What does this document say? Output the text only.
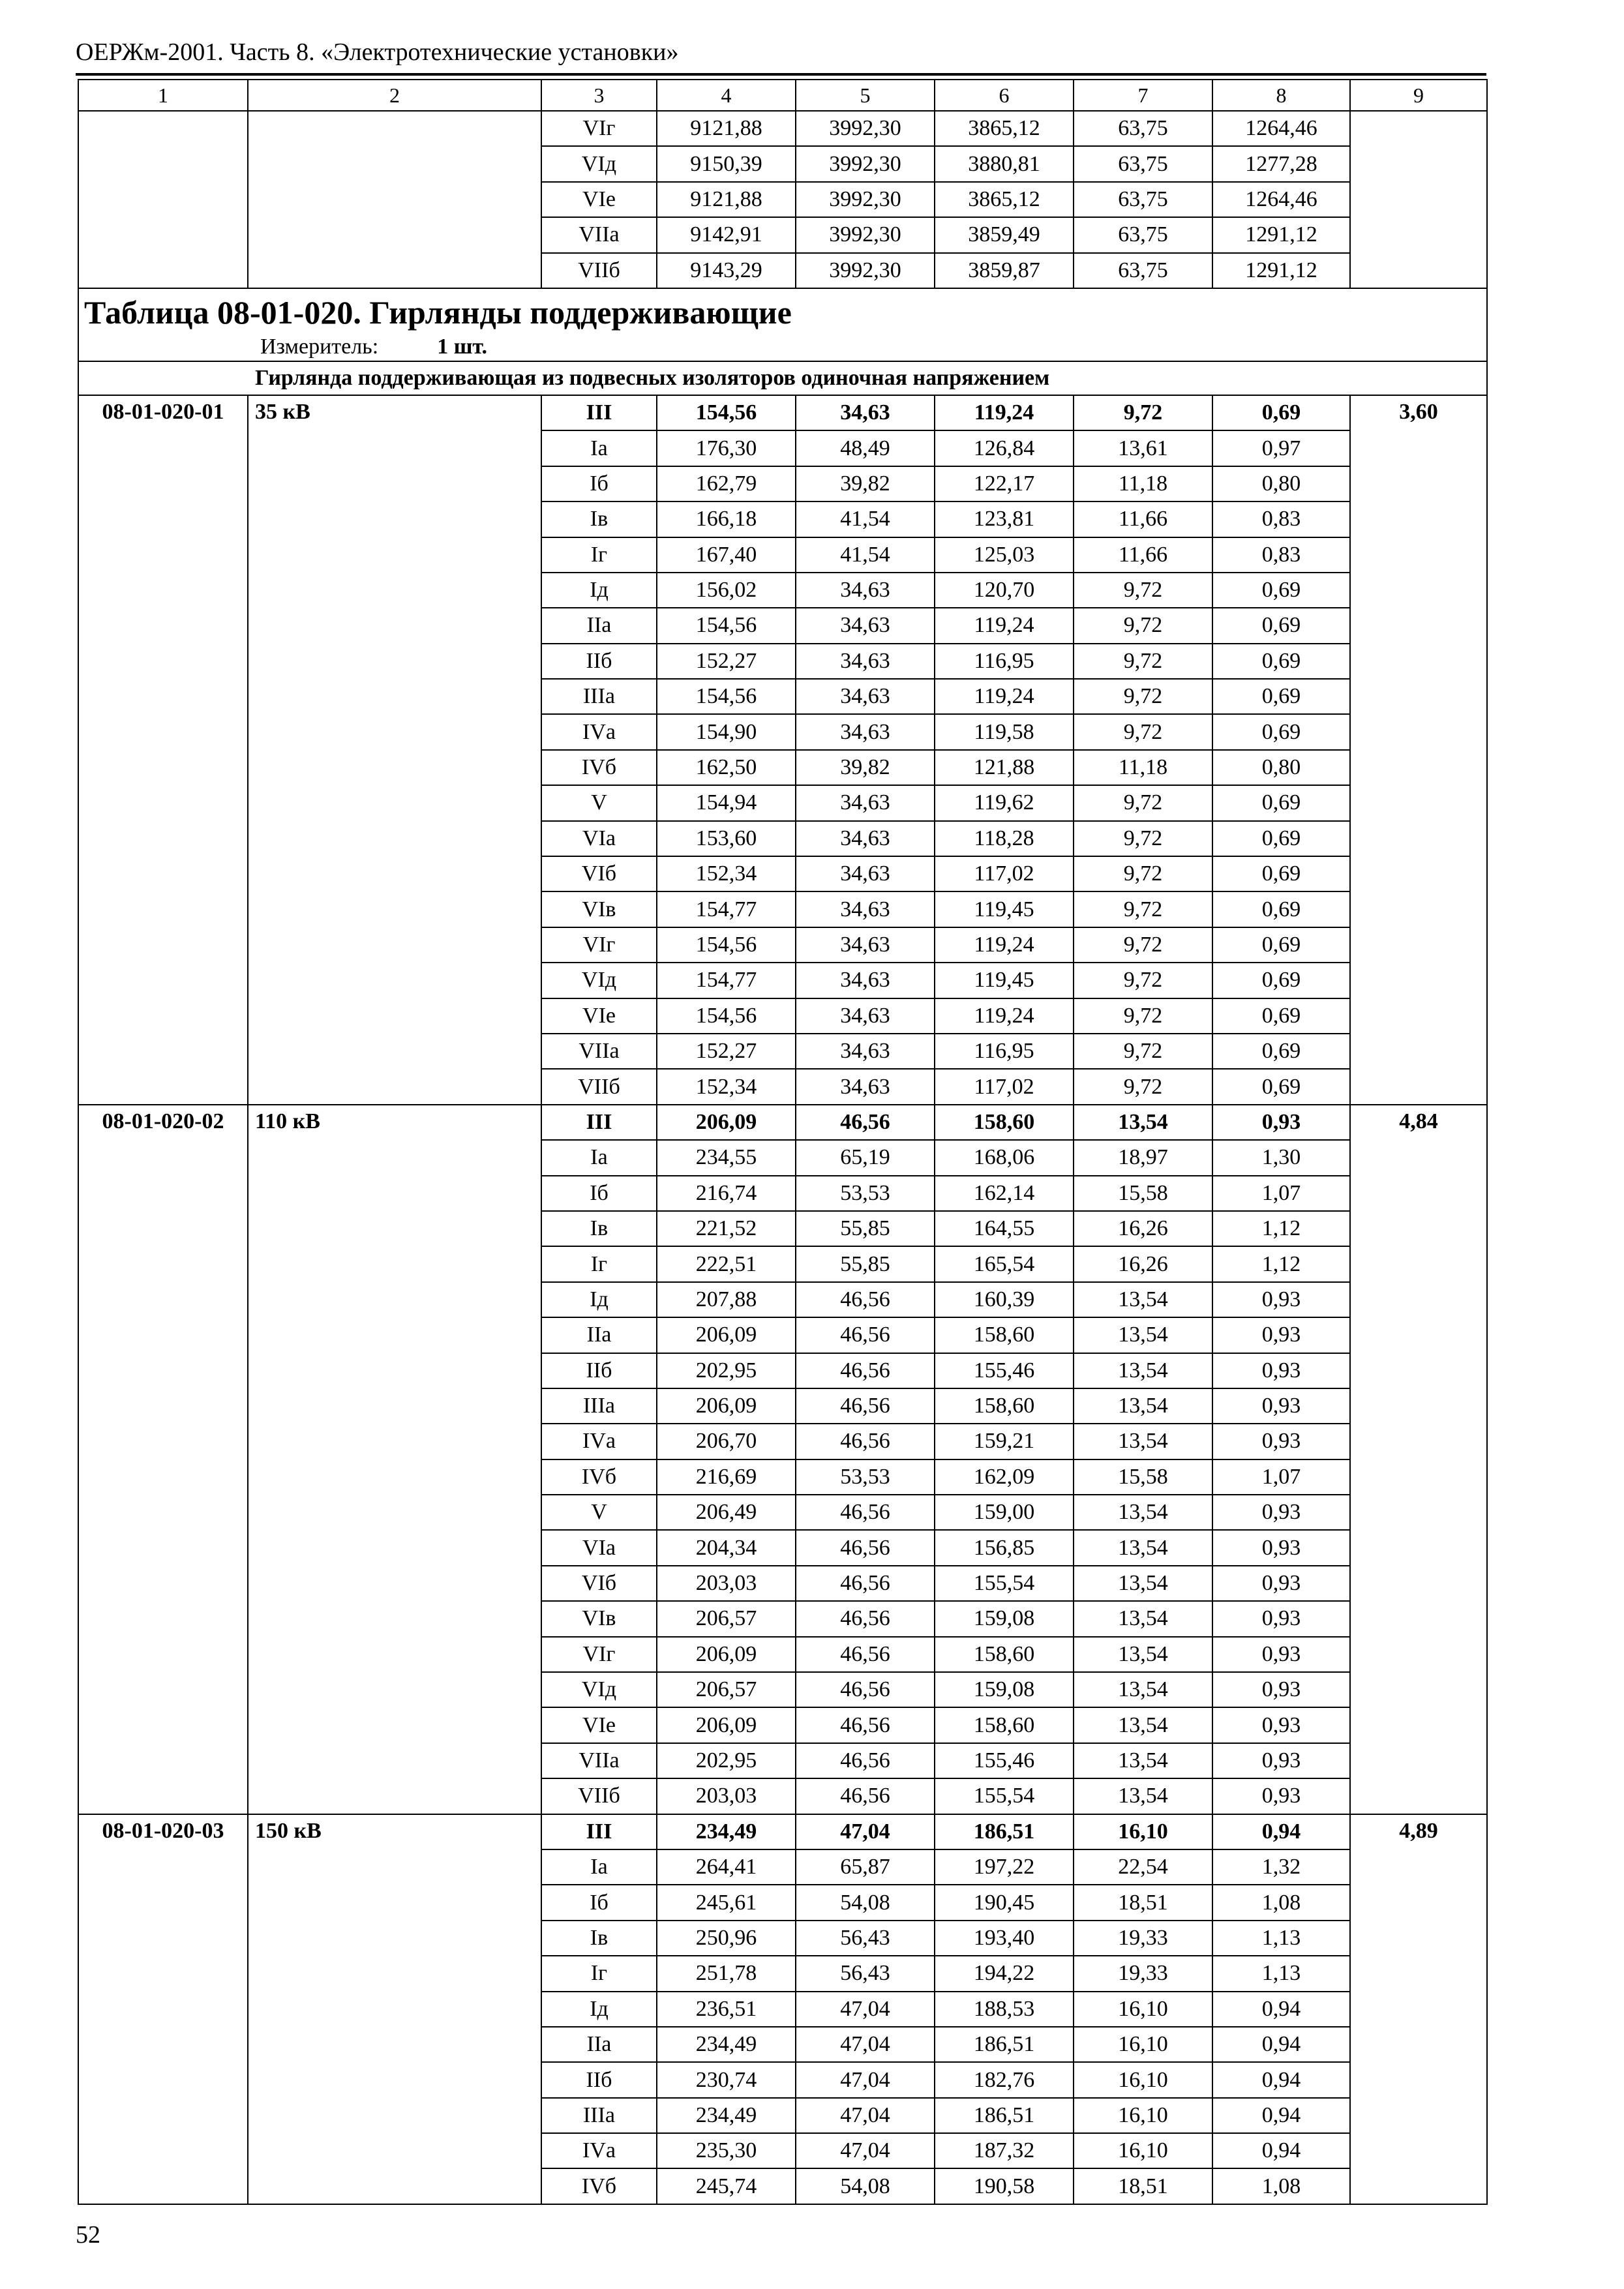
ОЕРЖм-2001. Часть 8. «Электротехнические установки»
1	2	3	4	5	6	7	8	9
		VIг	9121,88	3992,30	3865,12	63,75	1264,46	
		VIд	9150,39	3992,30	3880,81	63,75	1277,28	
		VIе	9121,88	3992,30	3865,12	63,75	1264,46	
		VIIа	9142,91	3992,30	3859,49	63,75	1291,12	
		VIIб	9143,29	3992,30	3859,87	63,75	1291,12	

Таблица 08-01-020. Гирлянды поддерживающие
Измеритель: 1 шт.								

Гирлянда поддерживающая из подвесных изоляторов одиночная напряжением								
08-01-020-01	35 кВ	III	154,56	34,63	119,24	9,72	0,69	3,60
		Iа	176,30	48,49	126,84	13,61	0,97	
		Iб	162,79	39,82	122,17	11,18	0,80	
		Iв	166,18	41,54	123,81	11,66	0,83	
		Iг	167,40	41,54	125,03	11,66	0,83	
		Iд	156,02	34,63	120,70	9,72	0,69	
		IIа	154,56	34,63	119,24	9,72	0,69	
		IIб	152,27	34,63	116,95	9,72	0,69	
		IIIа	154,56	34,63	119,24	9,72	0,69	
		IVа	154,90	34,63	119,58	9,72	0,69	
		IVб	162,50	39,82	121,88	11,18	0,80	
		V	154,94	34,63	119,62	9,72	0,69	
		VIа	153,60	34,63	118,28	9,72	0,69	
		VIб	152,34	34,63	117,02	9,72	0,69	
		VIв	154,77	34,63	119,45	9,72	0,69	
		VIг	154,56	34,63	119,24	9,72	0,69	
		VIд	154,77	34,63	119,45	9,72	0,69	
		VIе	154,56	34,63	119,24	9,72	0,69	
		VIIа	152,27	34,63	116,95	9,72	0,69	
		VIIб	152,34	34,63	117,02	9,72	0,69	
08-01-020-02	110 кВ	III	206,09	46,56	158,60	13,54	0,93	4,84
		Iа	234,55	65,19	168,06	18,97	1,30	
		Iб	216,74	53,53	162,14	15,58	1,07	
		Iв	221,52	55,85	164,55	16,26	1,12	
		Iг	222,51	55,85	165,54	16,26	1,12	
		Iд	207,88	46,56	160,39	13,54	0,93	
		IIа	206,09	46,56	158,60	13,54	0,93	
		IIб	202,95	46,56	155,46	13,54	0,93	
		IIIа	206,09	46,56	158,60	13,54	0,93	
		IVа	206,70	46,56	159,21	13,54	0,93	
		IVб	216,69	53,53	162,09	15,58	1,07	
		V	206,49	46,56	159,00	13,54	0,93	
		VIа	204,34	46,56	156,85	13,54	0,93	
		VIб	203,03	46,56	155,54	13,54	0,93	
		VIв	206,57	46,56	159,08	13,54	0,93	
		VIг	206,09	46,56	158,60	13,54	0,93	
		VIд	206,57	46,56	159,08	13,54	0,93	
		VIе	206,09	46,56	158,60	13,54	0,93	
		VIIа	202,95	46,56	155,46	13,54	0,93	
		VIIб	203,03	46,56	155,54	13,54	0,93	
08-01-020-03	150 кВ	III	234,49	47,04	186,51	16,10	0,94	4,89
		Iа	264,41	65,87	197,22	22,54	1,32	
		Iб	245,61	54,08	190,45	18,51	1,08	
		Iв	250,96	56,43	193,40	19,33	1,13	
		Iг	251,78	56,43	194,22	19,33	1,13	
		Iд	236,51	47,04	188,53	16,10	0,94	
		IIа	234,49	47,04	186,51	16,10	0,94	
		IIб	230,74	47,04	182,76	16,10	0,94	
		IIIа	234,49	47,04	186,51	16,10	0,94	
		IVа	235,30	47,04	187,32	16,10	0,94	
		IVб	245,74	54,08	190,58	18,51	1,08	
52
